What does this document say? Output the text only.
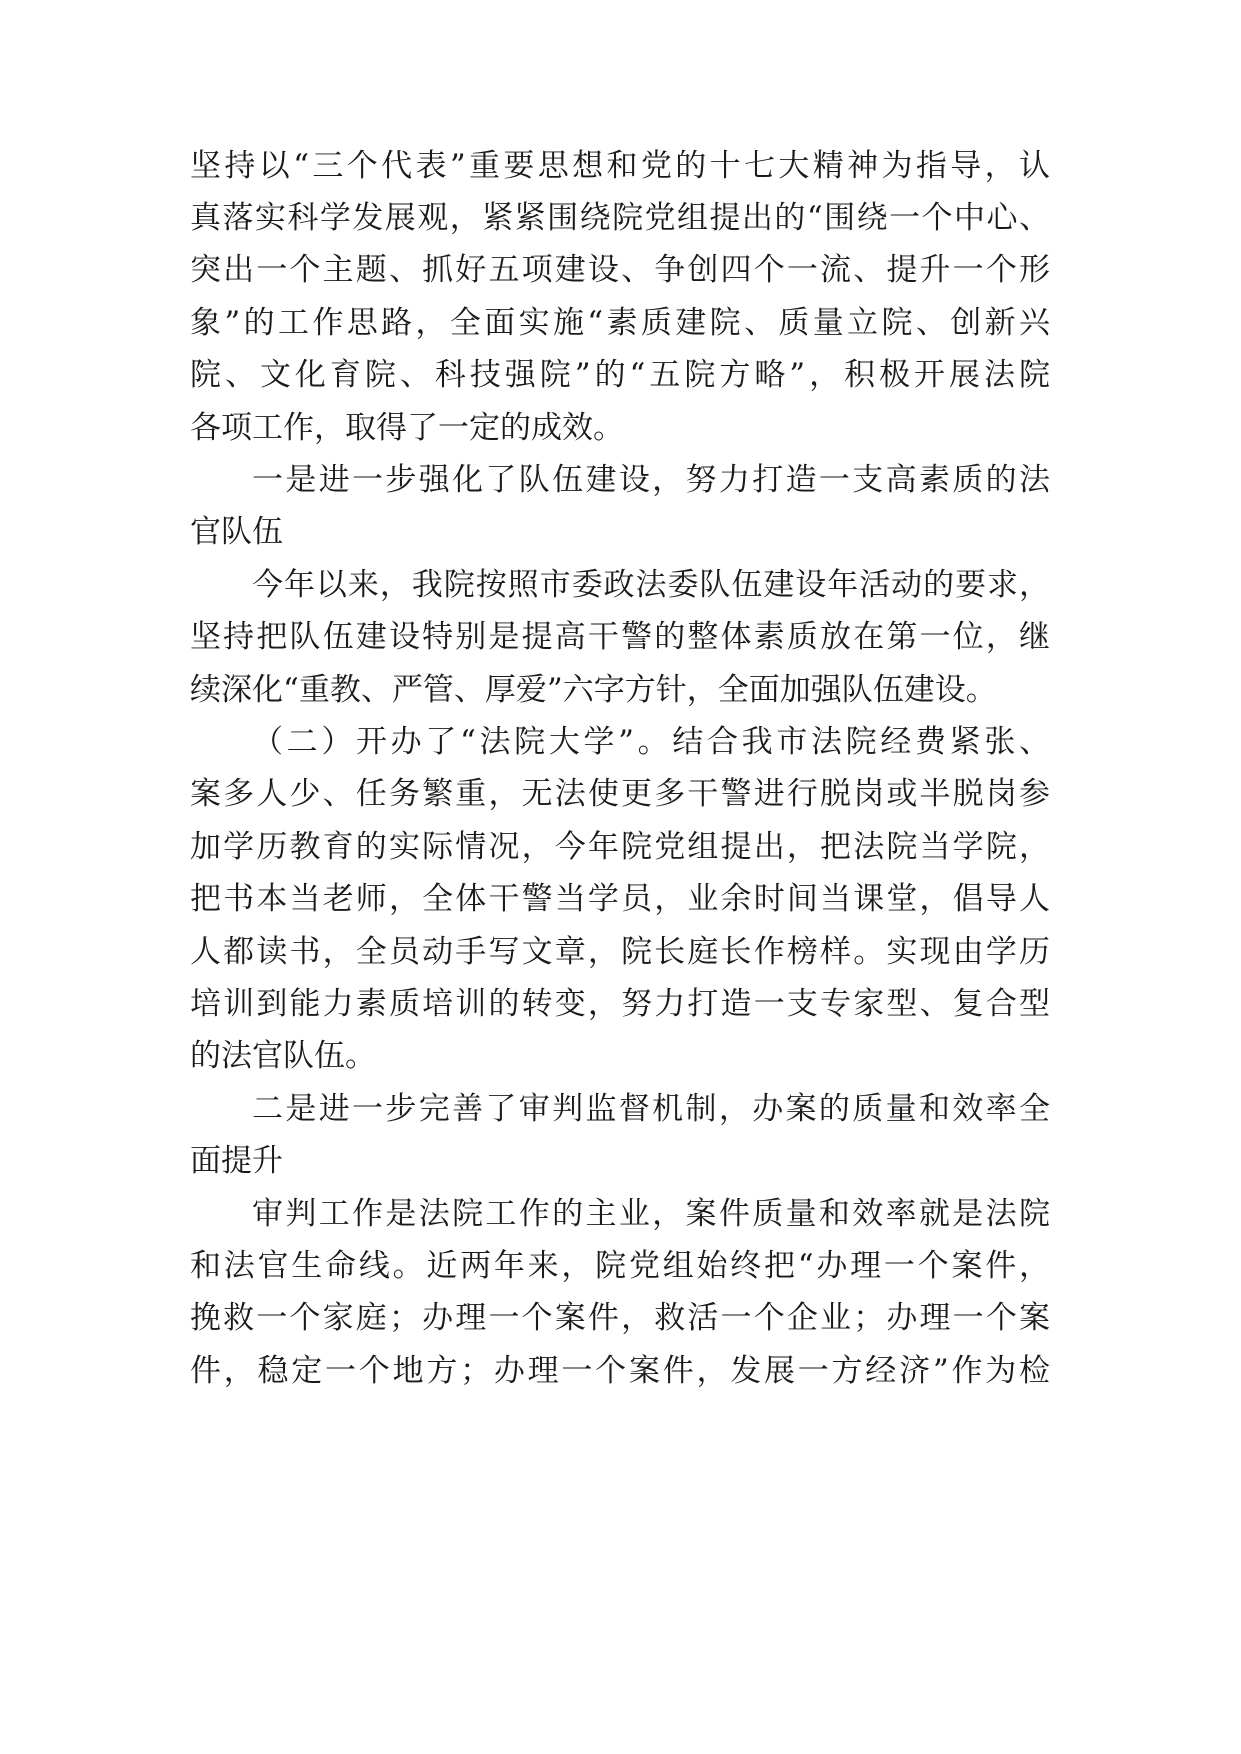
坚持以“三个代表”重要思想和党的十七大精神为指导，认
真落实科学发展观，紧紧围绕院党组提出的“围绕一个中心、
突出一个主题、抓好五项建设、争创四个一流、提升一个形
象”的工作思路，全面实施“素质建院、质量立院、创新兴
院、文化育院、科技强院”的“五院方略”，积极开展法院
各项工作，取得了一定的成效。
一是进一步强化了队伍建设，努力打造一支高素质的法
官队伍
今年以来，我院按照市委政法委队伍建设年活动的要求，
坚持把队伍建设特别是提高干警的整体素质放在第一位，继
续深化“重教、严管、厚爱”六字方针，全面加强队伍建设。
（二）开办了“法院大学”。结合我市法院经费紧张、
案多人少、任务繁重，无法使更多干警进行脱岗或半脱岗参
加学历教育的实际情况，今年院党组提出，把法院当学院，
把书本当老师，全体干警当学员，业余时间当课堂，倡导人
人都读书，全员动手写文章，院长庭长作榜样。实现由学历
培训到能力素质培训的转变，努力打造一支专家型、复合型
的法官队伍。
二是进一步完善了审判监督机制，办案的质量和效率全
面提升
审判工作是法院工作的主业，案件质量和效率就是法院
和法官生命线。近两年来，院党组始终把“办理一个案件，
挽救一个家庭；办理一个案件，救活一个企业；办理一个案
件，稳定一个地方；办理一个案件，发展一方经济”作为检
